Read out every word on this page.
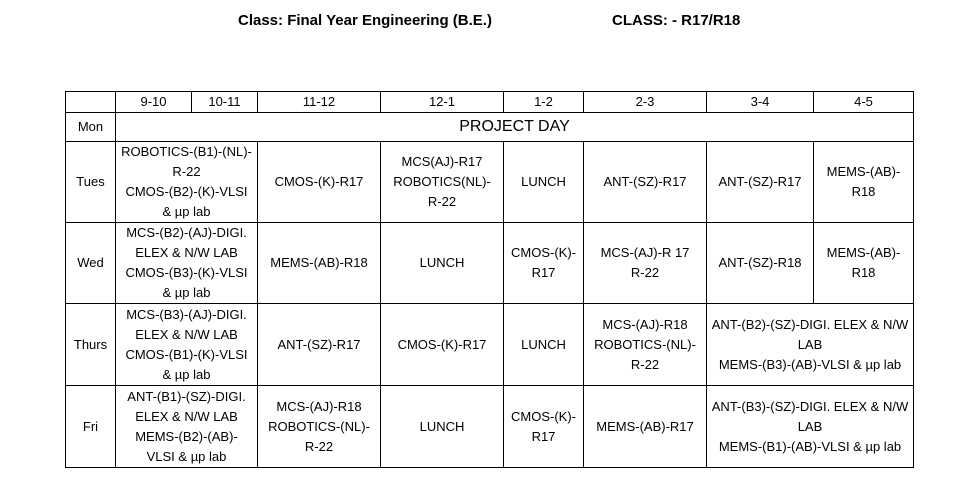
Class: Final Year Engineering (B.E.)	CLASS: - R17/R18
	9-10	10-11	11-12	12-1	1-2	2-3	3-4	4-5
Mon	PROJECT DAY							
Tues	ROBOTICS-(B1)-(NL)-
R-22
CMOS-(B2)-(K)-VLSI
& µp lab		CMOS-(K)-R17	MCS(AJ)-R17
ROBOTICS(NL)-
R-22	LUNCH	ANT-(SZ)-R17	ANT-(SZ)-R17	MEMS-(AB)-
R18

Wed	MCS-(B2)-(AJ)-DIGI.
ELEX & N/W LAB
CMOS-(B3)-(K)-VLSI
& µp lab		MEMS-(AB)-R18	LUNCH	CMOS-(K)-
R17	MCS-(AJ)-R 17
R-22	ANT-(SZ)-R18	MEMS-(AB)-
R18

Thurs	MCS-(B3)-(AJ)-DIGI.
ELEX & N/W LAB
CMOS-(B1)-(K)-VLSI
& µp lab		ANT-(SZ)-R17	CMOS-(K)-R17	LUNCH	MCS-(AJ)-R18
ROBOTICS-(NL)-
R-22	ANT-(B2)-(SZ)-DIGI. ELEX & N/W
LAB
MEMS-(B3)-(AB)-VLSI & µp lab	

Fri	ANT-(B1)-(SZ)-DIGI.
ELEX & N/W LAB
MEMS-(B2)-(AB)-
VLSI & µp lab		MCS-(AJ)-R18
ROBOTICS-(NL)-
R-22	LUNCH	CMOS-(K)-
R17	MEMS-(AB)-R17	ANT-(B3)-(SZ)-DIGI. ELEX & N/W
LAB
MEMS-(B1)-(AB)-VLSI & µp lab	
